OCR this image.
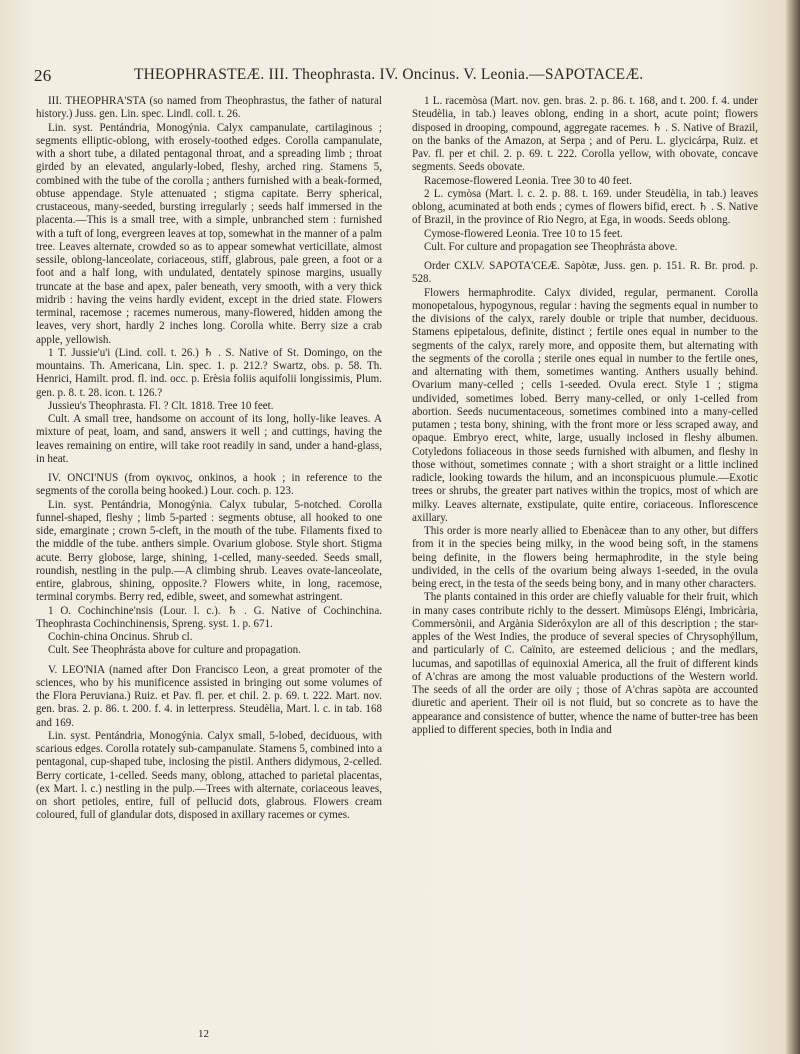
26	THEOPHRASTEÆ. III. Theophrasta. IV. Oncinus. V. Leonia.—SAPOTACEÆ.

III. THEOPHRA'STA (so named from Theophrastus, the father of natural history.) Juss. gen. Lin. spec. Lindl. coll. t. 26.

Lin. syst. Pentándria, Monogýnia. Calyx campanulate, cartilaginous ; segments elliptic-oblong, with erosely-toothed edges. Corolla campanulate, with a short tube, a dilated pentagonal throat, and a spreading limb ; throat girded by an elevated, angularly-lobed, fleshy, arched ring. Stamens 5, combined with the tube of the corolla ; anthers furnished with a beak-formed, obtuse appendage. Style attenuated ; stigma capitate. Berry spherical, crustaceous, many-seeded, bursting irregularly ; seeds half immersed in the placenta.—This is a small tree, with a simple, unbranched stem : furnished with a tuft of long, evergreen leaves at top, somewhat in the manner of a palm tree. Leaves alternate, crowded so as to appear somewhat verticillate, almost sessile, oblong-lanceolate, coriaceous, stiff, glabrous, pale green, a foot or a foot and a half long, with undulated, dentately spinose margins, usually truncate at the base and apex, paler beneath, very smooth, with a very thick midrib : having the veins hardly evident, except in the dried state. Flowers terminal, racemose ; racemes numerous, many-flowered, hidden among the leaves, very short, hardly 2 inches long. Corolla white. Berry size a crab apple, yellowish.

1 T. Jussie'u'i (Lind. coll. t. 26.) ♄ . S. Native of St. Domingo, on the mountains. Th. Americana, Lin. spec. 1. p. 212.? Swartz, obs. p. 58. Th. Henrici, Hamilt. prod. fl. ind. occ. p. Erèsia foliis aquifolii longissimis, Plum. gen. p. 8. t. 28. icon. t. 126.?

Jussieu's Theophrasta. Fl. ? Clt. 1818. Tree 10 feet.

Cult. A small tree, handsome on account of its long, holly-like leaves. A mixture of peat, loam, and sand, answers it well ; and cuttings, having the leaves remaining on entire, will take root readily in sand, under a hand-glass, in heat.

IV. ONCI'NUS (from ογκινος, onkinos, a hook ; in reference to the segments of the corolla being hooked.) Lour. coch. p. 123.

Lin. syst. Pentándria, Monogýnia. Calyx tubular, 5-notched. Corolla funnel-shaped, fleshy ; limb 5-parted : segments obtuse, all hooked to one side, emarginate ; crown 5-cleft, in the mouth of the tube. Filaments fixed to the middle of the tube. anthers simple. Ovarium globose. Style short. Stigma acute. Berry globose, large, shining, 1-celled, many-seeded. Seeds small, roundish, nestling in the pulp.—A climbing shrub. Leaves ovate-lanceolate, entire, glabrous, shining, opposite.? Flowers white, in long, racemose, terminal corymbs. Berry red, edible, sweet, and somewhat astringent.

1 O. Cochinchine'nsis (Lour. l. c.). ♄ . G. Native of Cochinchina. Theophrasta Cochinchinensis, Spreng. syst. 1. p. 671.

Cochin-china Oncinus. Shrub cl.

Cult. See Theophrásta above for culture and propagation.

V. LEO'NIA (named after Don Francisco Leon, a great promoter of the sciences, who by his munificence assisted in bringing out some volumes of the Flora Peruviana.) Ruiz. et Pav. fl. per. et chil. 2. p. 69. t. 222. Mart. nov. gen. bras. 2. p. 86. t. 200. f. 4. in letterpress. Steudèlia, Mart. l. c. in tab. 168 and 169.

Lin. syst. Pentándria, Monogýnia. Calyx small, 5-lobed, deciduous, with scarious edges. Corolla rotately sub-campanulate. Stamens 5, combined into a pentagonal, cup-shaped tube, inclosing the pistil. Anthers didymous, 2-celled. Berry corticate, 1-celled. Seeds many, oblong, attached to parietal placentas, (ex Mart. l. c.) nestling in the pulp.—Trees with alternate, coriaceous leaves, on short petioles, entire, full of pellucid dots, glabrous. Flowers cream coloured, full of glandular dots, disposed in axillary racemes or cymes.

12

1 L. racemòsa (Mart. nov. gen. bras. 2. p. 86. t. 168, and t. 200. f. 4. under Steudèlia, in tab.) leaves oblong, ending in a short, acute point; flowers disposed in drooping, compound, aggregate racemes. ♄ . S. Native of Brazil, on the banks of the Amazon, at Serpa ; and of Peru. L. glycicárpa, Ruiz. et Pav. fl. per et chil. 2. p. 69. t. 222. Corolla yellow, with obovate, concave segments. Seeds obovate.

Racemose-flowered Leonia. Tree 30 to 40 feet.

2 L. cymòsa (Mart. l. c. 2. p. 88. t. 169. under Steudèlia, in tab.) leaves oblong, acuminated at both ends ; cymes of flowers bifid, erect. ♄ . S. Native of Brazil, in the province of Rio Negro, at Ega, in woods. Seeds oblong.

Cymose-flowered Leonia. Tree 10 to 15 feet.

Cult. For culture and propagation see Theophrásta above.

Order CXLV. SAPOTA'CEÆ. Sapòtæ, Juss. gen. p. 151. R. Br. prod. p. 528.

Flowers hermaphrodite. Calyx divided, regular, permanent. Corolla monopetalous, hypogynous, regular : having the segments equal in number to the divisions of the calyx, rarely double or triple that number, deciduous. Stamens epipetalous, definite, distinct ; fertile ones equal in number to the segments of the calyx, rarely more, and opposite them, but alternating with the segments of the corolla ; sterile ones equal in number to the fertile ones, and alternating with them, sometimes wanting. Anthers usually behind. Ovarium many-celled ; cells 1-seeded. Ovula erect. Style 1 ; stigma undivided, sometimes lobed. Berry many-celled, or only 1-celled from abortion. Seeds nucumentaceous, sometimes combined into a many-celled putamen ; testa bony, shining, with the front more or less scraped away, and opaque. Embryo erect, white, large, usually inclosed in fleshy albumen. Cotyledons foliaceous in those seeds furnished with albumen, and fleshy in those without, sometimes connate ; with a short straight or a little inclined radicle, looking towards the hilum, and an inconspicuous plumule.—Exotic trees or shrubs, the greater part natives within the tropics, most of which are milky. Leaves alternate, exstipulate, quite entire, coriaceous. Inflorescence axillary.

This order is more nearly allied to Ebenàceæ than to any other, but differs from it in the species being milky, in the wood being soft, in the stamens being definite, in the flowers being hermaphrodite, in the style being undivided, in the cells of the ovarium being always 1-seeded, in the ovula being erect, in the testa of the seeds being bony, and in many other characters.

The plants contained in this order are chiefly valuable for their fruit, which in many cases contribute richly to the dessert. Mimùsops Eléngi, Imbricària, Commersònii, and Argània Sideróxylon are all of this description ; the star-apples of the West Indies, the produce of several species of Chrysophýllum, and particularly of C. Caïnìto, are esteemed delicious ; and the medlars, lucumas, and sapotillas of equinoxial America, all the fruit of different kinds of A'chras are among the most valuable productions of the Western world. The seeds of all the order are oily ; those of A'chras sapòta are accounted diuretic and aperient. Their oil is not fluid, but so concrete as to have the appearance and consistence of butter, whence the name of butter-tree has been applied to different species, both in India and
